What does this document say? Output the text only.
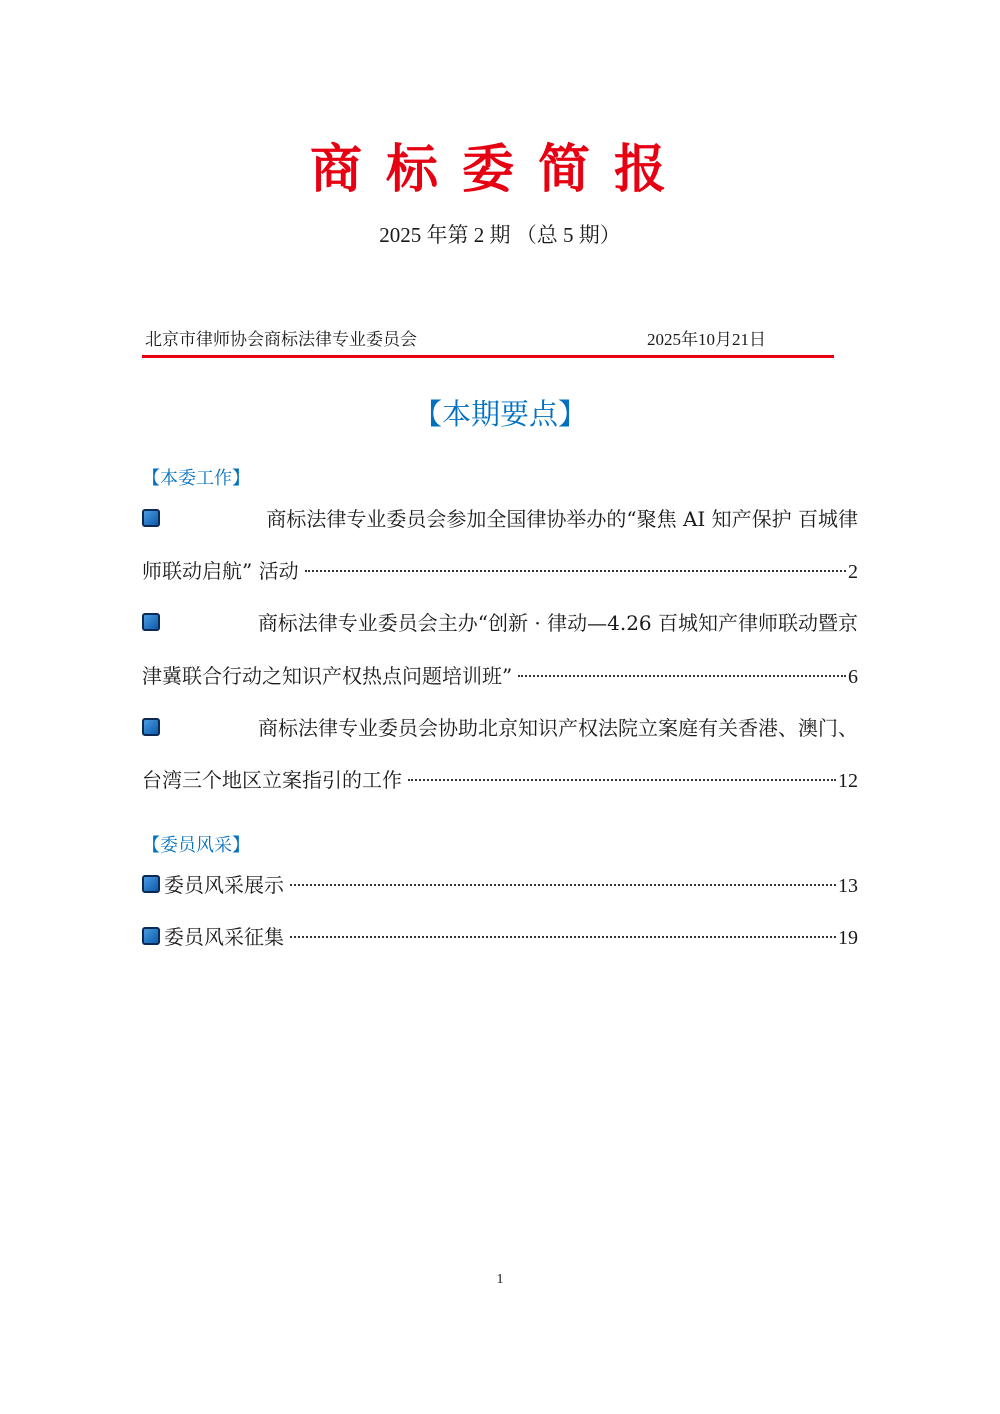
商标委简报
2025 年第 2 期 （总 5 期）
北京市律师协会商标法律专业委员会	2025年10月21日
【本期要点】
【本委工作】
商标法律专业委员会参加全国律协举办的“聚焦 AI 知产保护 百城律
师联动启航” 活动	2
商标法律专业委员会主办“创新 · 律动—4.26 百城知产律师联动暨京
津冀联合行动之知识产权热点问题培训班”	6
商标法律专业委员会协助北京知识产权法院立案庭有关香港、澳门、
台湾三个地区立案指引的工作	12
【委员风采】
委员风采展示	13
委员风采征集	19
1
